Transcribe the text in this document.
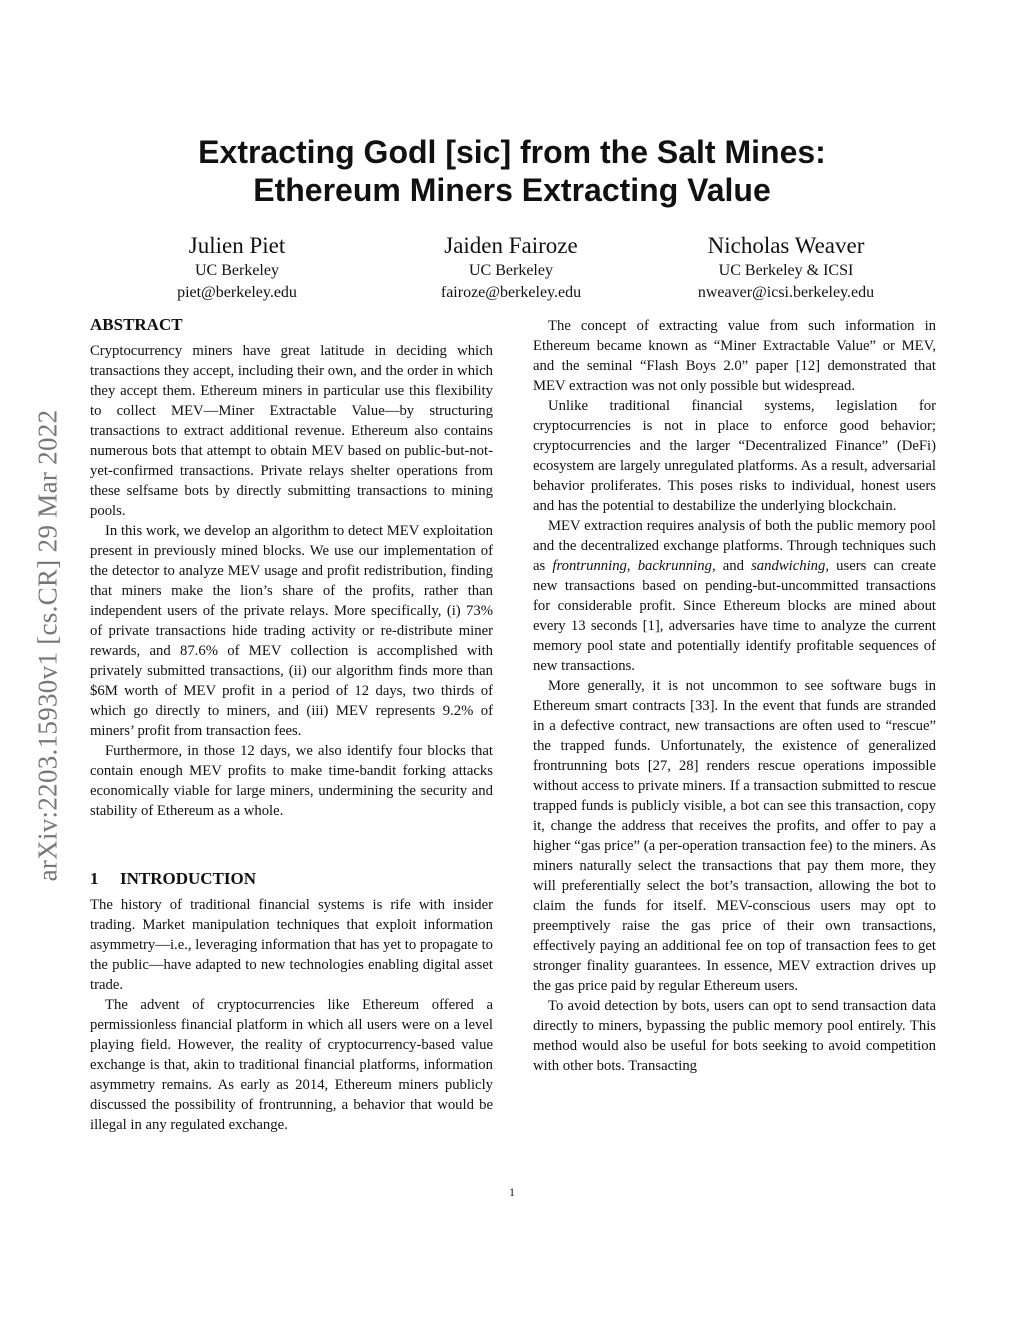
arXiv:2203.15930v1 [cs.CR] 29 Mar 2022
Extracting Godl [sic] from the Salt Mines:
Ethereum Miners Extracting Value
Julien Piet
UC Berkeley
piet@berkeley.edu
Jaiden Fairoze
UC Berkeley
fairoze@berkeley.edu
Nicholas Weaver
UC Berkeley & ICSI
nweaver@icsi.berkeley.edu
ABSTRACT

Cryptocurrency miners have great latitude in deciding which transactions they accept, including their own, and the order in which they accept them. Ethereum miners in particular use this flexibility to collect MEV—Miner Extractable Value—by structuring transactions to extract additional revenue. Ethereum also contains numerous bots that attempt to obtain MEV based on public-but-not-yet-confirmed transactions. Private relays shelter operations from these selfsame bots by directly submitting transactions to mining pools.

In this work, we develop an algorithm to detect MEV exploitation present in previously mined blocks. We use our implementation of the detector to analyze MEV usage and profit redistribution, finding that miners make the lion’s share of the profits, rather than independent users of the private relays. More specifically, (i) 73% of private transactions hide trading activity or re-distribute miner rewards, and 87.6% of MEV collection is accomplished with privately submitted transactions, (ii) our algorithm finds more than $6M worth of MEV profit in a period of 12 days, two thirds of which go directly to miners, and (iii) MEV represents 9.2% of miners’ profit from transaction fees.

Furthermore, in those 12 days, we also identify four blocks that contain enough MEV profits to make time-bandit forking attacks economically viable for large miners, undermining the security and stability of Ethereum as a whole.

1 INTRODUCTION

The history of traditional financial systems is rife with insider trading. Market manipulation techniques that exploit information asymmetry—i.e., leveraging information that has yet to propagate to the public—have adapted to new technologies enabling digital asset trade.

The advent of cryptocurrencies like Ethereum offered a permissionless financial platform in which all users were on a level playing field. However, the reality of cryptocurrency-based value exchange is that, akin to traditional financial platforms, information asymmetry remains. As early as 2014, Ethereum miners publicly discussed the possibility of frontrunning, a behavior that would be illegal in any regulated exchange.

The concept of extracting value from such information in Ethereum became known as “Miner Extractable Value” or MEV, and the seminal “Flash Boys 2.0” paper [12] demonstrated that MEV extraction was not only possible but widespread.

Unlike traditional financial systems, legislation for cryptocurrencies is not in place to enforce good behavior; cryptocurrencies and the larger “Decentralized Finance” (DeFi) ecosystem are largely unregulated platforms. As a result, adversarial behavior proliferates. This poses risks to individual, honest users and has the potential to destabilize the underlying blockchain.

MEV extraction requires analysis of both the public memory pool and the decentralized exchange platforms. Through techniques such as frontrunning, backrunning, and sandwiching, users can create new transactions based on pending-but-uncommitted transactions for considerable profit. Since Ethereum blocks are mined about every 13 seconds [1], adversaries have time to analyze the current memory pool state and potentially identify profitable sequences of new transactions.

More generally, it is not uncommon to see software bugs in Ethereum smart contracts [33]. In the event that funds are stranded in a defective contract, new transactions are often used to “rescue” the trapped funds. Unfortunately, the existence of generalized frontrunning bots [27, 28] renders rescue operations impossible without access to private miners. If a transaction submitted to rescue trapped funds is publicly visible, a bot can see this transaction, copy it, change the address that receives the profits, and offer to pay a higher “gas price” (a per-operation transaction fee) to the miners. As miners naturally select the transactions that pay them more, they will preferentially select the bot’s transaction, allowing the bot to claim the funds for itself. MEV-conscious users may opt to preemptively raise the gas price of their own transactions, effectively paying an additional fee on top of transaction fees to get stronger finality guarantees. In essence, MEV extraction drives up the gas price paid by regular Ethereum users.

To avoid detection by bots, users can opt to send transaction data directly to miners, bypassing the public memory pool entirely. This method would also be useful for bots seeking to avoid competition with other bots. Transacting

1
